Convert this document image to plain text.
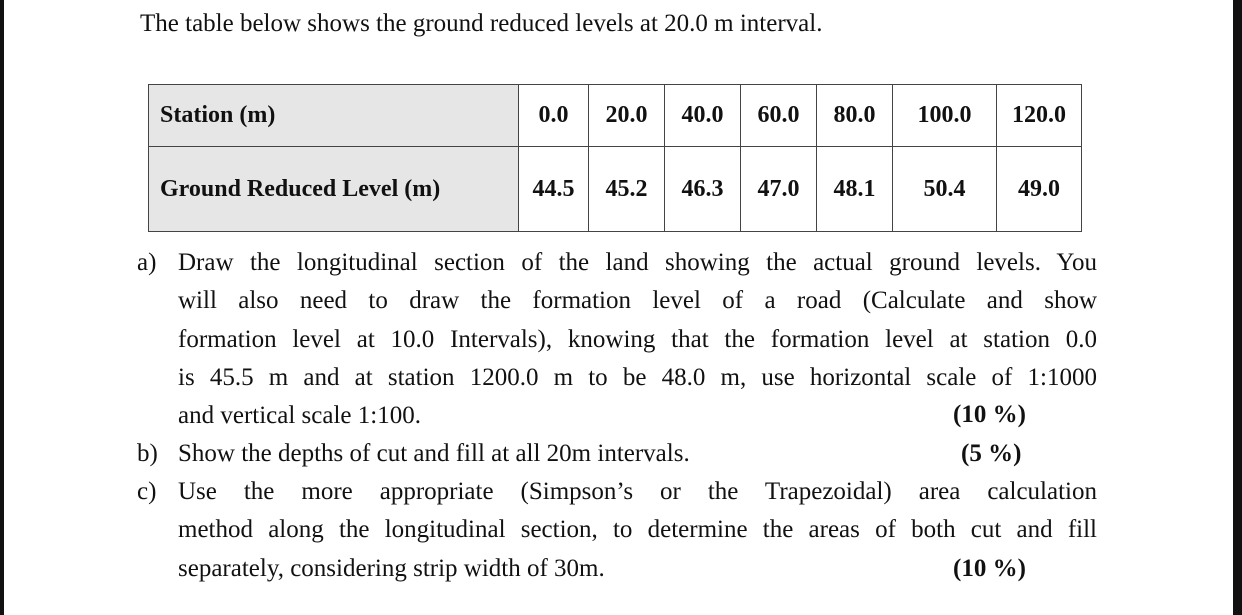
The table below shows the ground reduced levels at 20.0 m interval.
Station (m)	0.0	20.0	40.0	60.0	80.0	100.0	120.0
Ground Reduced Level (m)	44.5	45.2	46.3	47.0	48.1	50.4	49.0
a) Draw the longitudinal section of the land showing the actual ground levels. You
will also need to draw the formation level of a road (Calculate and show
formation level at 10.0 Intervals), knowing that the formation level at station 0.0
is 45.5 m and at station 1200.0 m to be 48.0 m, use horizontal scale of 1:1000
and vertical scale 1:100.	(10 %)
b) Show the depths of cut and fill at all 20m intervals.	(5 %)
c) Use the more appropriate (Simpson’s or the Trapezoidal) area calculation
method along the longitudinal section, to determine the areas of both cut and fill
separately, considering strip width of 30m.	(10 %)
